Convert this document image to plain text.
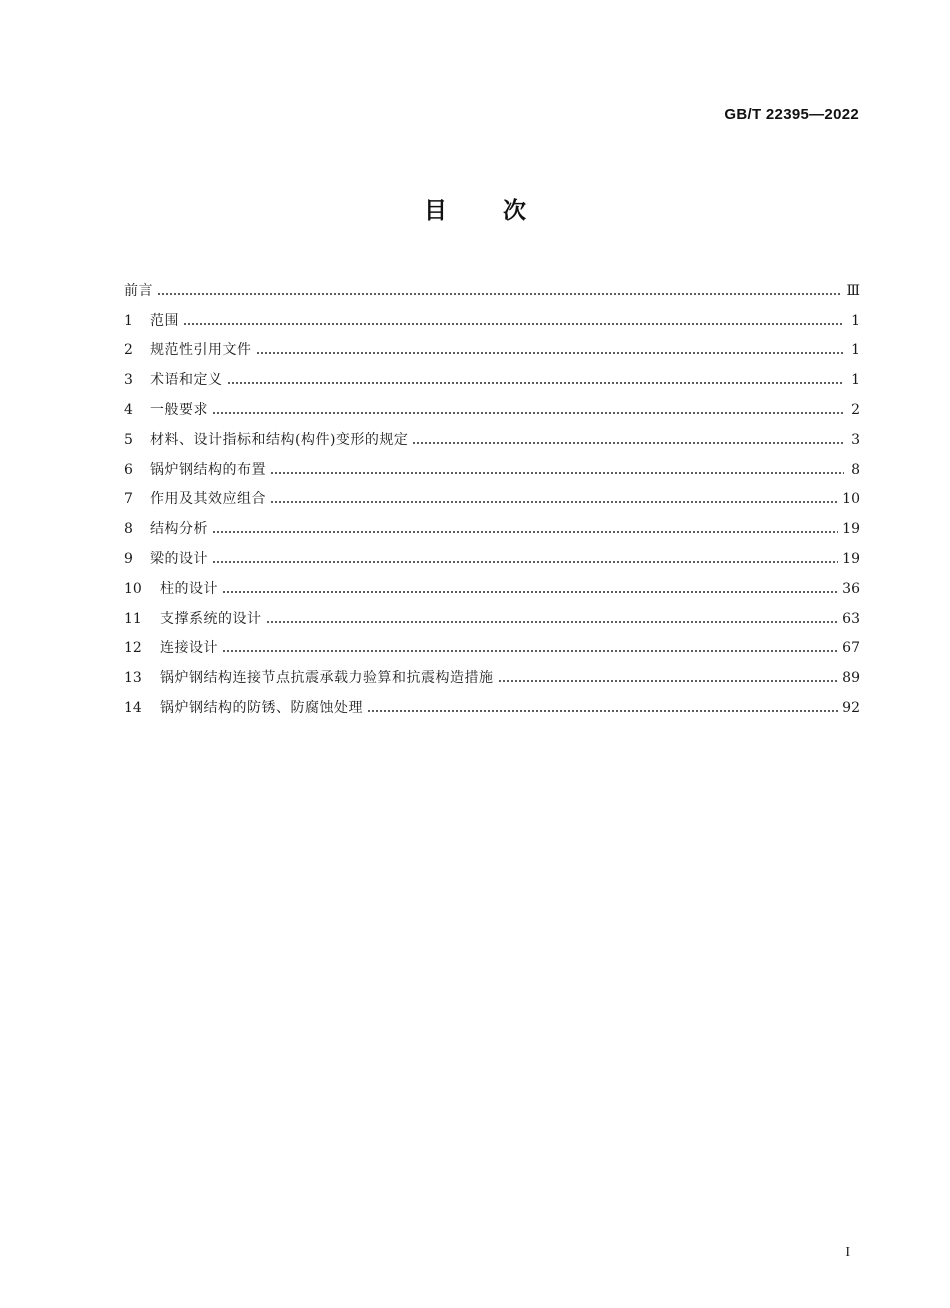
GB/T 22395—2022
目次
前言	Ⅲ
1	范围	1
2	规范性引用文件	1
3	术语和定义	1
4	一般要求	2
5	材料、设计指标和结构(构件)变形的规定	3
6	锅炉钢结构的布置	8
7	作用及其效应组合	10
8	结构分析	19
9	梁的设计	19
10	柱的设计	36
11	支撑系统的设计	63
12	连接设计	67
13	锅炉钢结构连接节点抗震承载力验算和抗震构造措施	89
14	锅炉钢结构的防锈、防腐蚀处理	92
I
